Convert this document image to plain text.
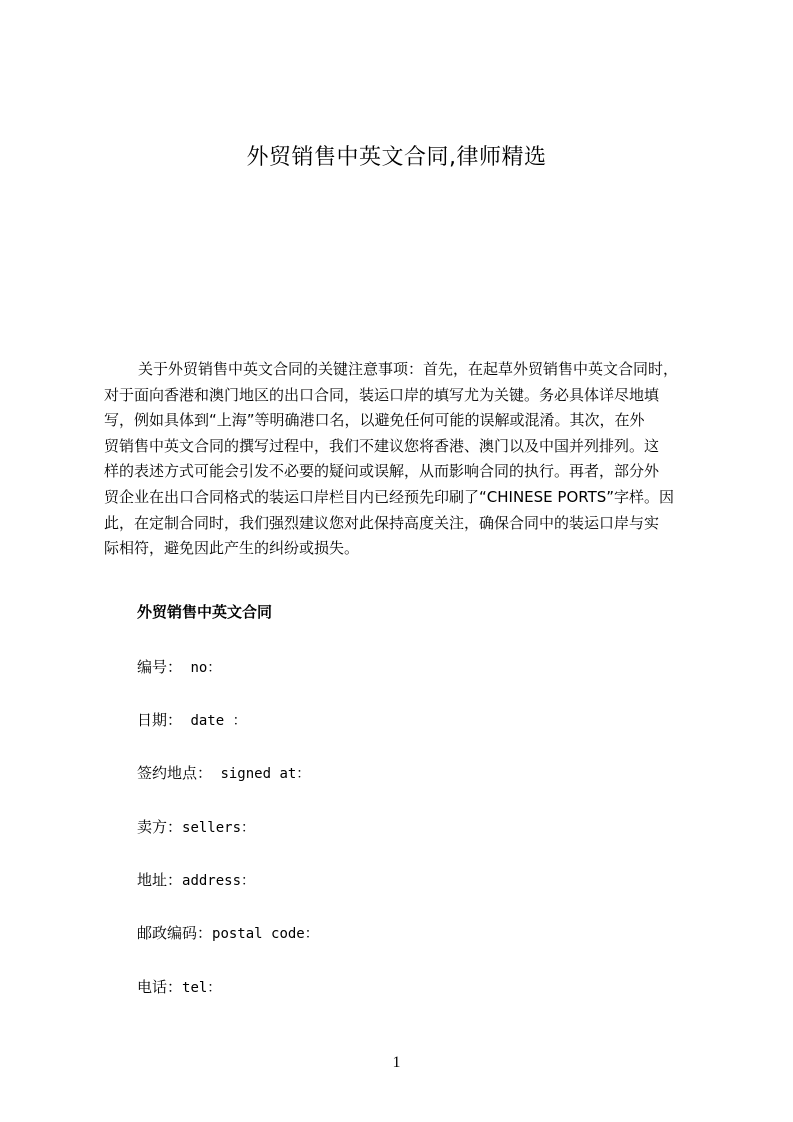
外贸销售中英文合同,律师精选
关于外贸销售中英文合同的关键注意事项：首先，在起草外贸销售中英文合同时，
对于面向香港和澳门地区的出口合同，装运口岸的填写尤为关键。务必具体详尽地填
写，例如具体到“上海”等明确港口名，以避免任何可能的误解或混淆。其次，在外
贸销售中英文合同的撰写过程中，我们不建议您将香港、澳门以及中国并列排列。这
样的表述方式可能会引发不必要的疑问或误解，从而影响合同的执行。再者，部分外
贸企业在出口合同格式的装运口岸栏目内已经预先印刷了“CHINESE PORTS”字样。因
此，在定制合同时，我们强烈建议您对此保持高度关注，确保合同中的装运口岸与实
际相符，避免因此产生的纠纷或损失。
外贸销售中英文合同
编号： no：
日期： date ：
签约地点： signed at：
卖方：sellers：
地址：address：
邮政编码：postal code：
电话：tel：
1
